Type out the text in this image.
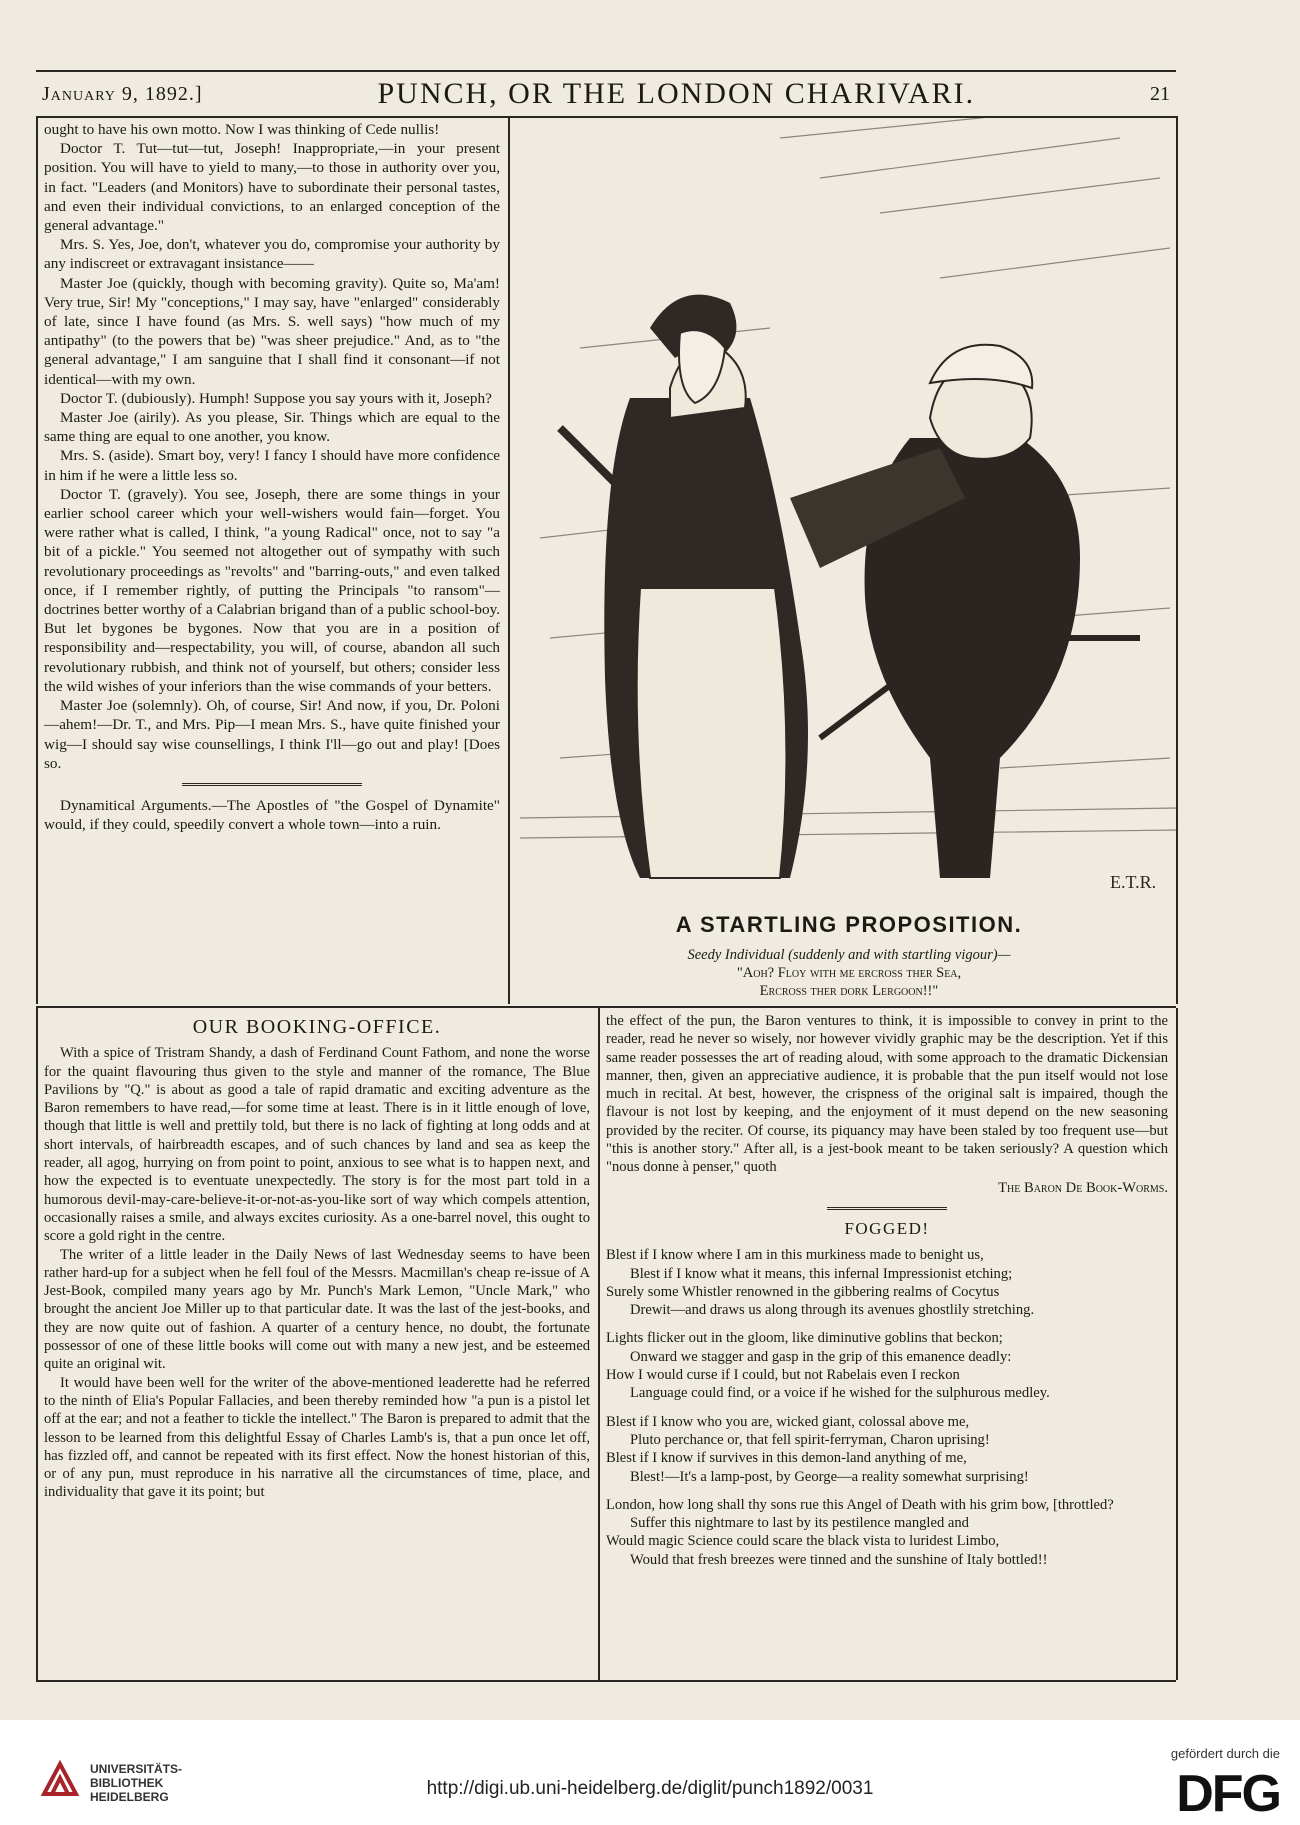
January 9, 1892.]	PUNCH, OR THE LONDON CHARIVARI.	21

ought to have his own motto. Now I was thinking of Cede nullis!

Doctor T. Tut—tut—tut, Joseph! Inappropriate,—in your present position. You will have to yield to many,—to those in authority over you, in fact. "Leaders (and Monitors) have to subordinate their personal tastes, and even their individual convictions, to an enlarged conception of the general advantage."

Mrs. S. Yes, Joe, don't, whatever you do, compromise your authority by any indiscreet or extravagant insistance——

Master Joe (quickly, though with becoming gravity). Quite so, Ma'am! Very true, Sir! My "conceptions," I may say, have "enlarged" considerably of late, since I have found (as Mrs. S. well says) "how much of my antipathy" (to the powers that be) "was sheer prejudice." And, as to "the general advantage," I am sanguine that I shall find it consonant—if not identical—with my own.

Doctor T. (dubiously). Humph! Suppose you say yours with it, Joseph?

Master Joe (airily). As you please, Sir. Things which are equal to the same thing are equal to one another, you know.

Mrs. S. (aside). Smart boy, very! I fancy I should have more confidence in him if he were a little less so.

Doctor T. (gravely). You see, Joseph, there are some things in your earlier school career which your well-wishers would fain—forget. You were rather what is called, I think, "a young Radical" once, not to say "a bit of a pickle." You seemed not altogether out of sympathy with such revolutionary proceedings as "revolts" and "barring-outs," and even talked once, if I remember rightly, of putting the Principals "to ransom"—doctrines better worthy of a Calabrian brigand than of a public school-boy. But let bygones be bygones. Now that you are in a position of responsibility and—respectability, you will, of course, abandon all such revolutionary rubbish, and think not of yourself, but others; consider less the wild wishes of your inferiors than the wise commands of your betters.

Master Joe (solemnly). Oh, of course, Sir! And now, if you, Dr. Poloni—ahem!—Dr. T., and Mrs. Pip—I mean Mrs. S., have quite finished your wig—I should say wise counsellings, I think I'll—go out and play! [Does so.

Dynamitical Arguments.—The Apostles of "the Gospel of Dynamite" would, if they could, speedily convert a whole town—into a ruin.

E.T.R.
A STARTLING PROPOSITION.
Seedy Individual (suddenly and with startling vigour)—
"Aoh? Floy with me ercross ther Sea,
Ercross ther dork Lergoon!!"
OUR BOOKING-OFFICE.

With a spice of Tristram Shandy, a dash of Ferdinand Count Fathom, and none the worse for the quaint flavouring thus given to the style and manner of the romance, The Blue Pavilions by "Q." is about as good a tale of rapid dramatic and exciting adventure as the Baron remembers to have read,—for some time at least. There is in it little enough of love, though that little is well and prettily told, but there is no lack of fighting at long odds and at short intervals, of hairbreadth escapes, and of such chances by land and sea as keep the reader, all agog, hurrying on from point to point, anxious to see what is to happen next, and how the expected is to eventuate unexpectedly. The story is for the most part told in a humorous devil-may-care-believe-it-or-not-as-you-like sort of way which compels attention, occasionally raises a smile, and always excites curiosity. As a one-barrel novel, this ought to score a gold right in the centre.

The writer of a little leader in the Daily News of last Wednesday seems to have been rather hard-up for a subject when he fell foul of the Messrs. Macmillan's cheap re-issue of A Jest-Book, compiled many years ago by Mr. Punch's Mark Lemon, "Uncle Mark," who brought the ancient Joe Miller up to that particular date. It was the last of the jest-books, and they are now quite out of fashion. A quarter of a century hence, no doubt, the fortunate possessor of one of these little books will come out with many a new jest, and be esteemed quite an original wit.

It would have been well for the writer of the above-mentioned leaderette had he referred to the ninth of Elia's Popular Fallacies, and been thereby reminded how "a pun is a pistol let off at the ear; and not a feather to tickle the intellect." The Baron is prepared to admit that the lesson to be learned from this delightful Essay of Charles Lamb's is, that a pun once let off, has fizzled off, and cannot be repeated with its first effect. Now the honest historian of this, or of any pun, must reproduce in his narrative all the circumstances of time, place, and individuality that gave it its point; but

the effect of the pun, the Baron ventures to think, it is impossible to convey in print to the reader, read he never so wisely, nor however vividly graphic may be the description. Yet if this same reader possesses the art of reading aloud, with some approach to the dramatic Dickensian manner, then, given an appreciative audience, it is probable that the pun itself would not lose much in recital. At best, however, the crispness of the original salt is impaired, though the flavour is not lost by keeping, and the enjoyment of it must depend on the new seasoning provided by the reciter. Of course, its piquancy may have been staled by too frequent use—but "this is another story." After all, is a jest-book meant to be taken seriously? A question which "nous donne à penser," quoth

The Baron De Book-Worms.
FOGGED!

Blest if I know where I am in this murkiness made to benight us,

Blest if I know what it means, this infernal Impressionist etching;

Surely some Whistler renowned in the gibbering realms of Cocytus

Drewit—and draws us along through its avenues ghostlily stretching.

Lights flicker out in the gloom, like diminutive goblins that beckon;

Onward we stagger and gasp in the grip of this emanence deadly:

How I would curse if I could, but not Rabelais even I reckon

Language could find, or a voice if he wished for the sulphurous medley.

Blest if I know who you are, wicked giant, colossal above me,

Pluto perchance or, that fell spirit-ferryman, Charon uprising!

Blest if I know if survives in this demon-land anything of me,

Blest!—It's a lamp-post, by George—a reality somewhat surprising!

London, how long shall thy sons rue this Angel of Death with his grim bow, [throttled?

Suffer this nightmare to last by its pestilence mangled and

Would magic Science could scare the black vista to luridest Limbo,

Would that fresh breezes were tinned and the sunshine of Italy bottled!!

UNIVERSITÄTS-
BIBLIOTHEK
HEIDELBERG	http://digi.ub.uni-heidelberg.de/diglit/punch1892/0031
gefördert durch die
DFG
